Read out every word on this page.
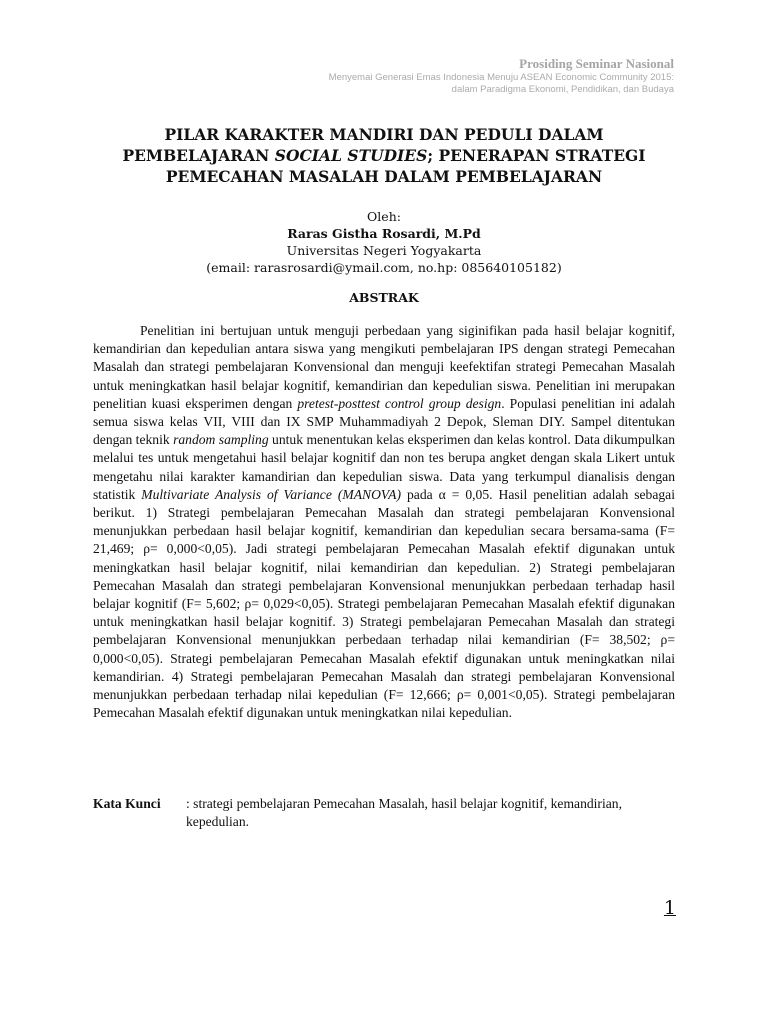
Prosiding Seminar Nasional
Menyemai Generasi Emas Indonesia Menuju ASEAN Economic Community 2015:
dalam Paradigma Ekonomi, Pendidikan, dan Budaya
PILAR KARAKTER MANDIRI DAN PEDULI DALAM
PEMBELAJARAN SOCIAL STUDIES; PENERAPAN STRATEGI
PEMECAHAN MASALAH DALAM PEMBELAJARAN
Oleh:
Raras Gistha Rosardi, M.Pd
Universitas Negeri Yogyakarta
(email: rarasrosardi@ymail.com, no.hp: 085640105182)
ABSTRAK
Penelitian ini bertujuan untuk menguji perbedaan yang siginifikan pada hasil belajar kognitif, kemandirian dan kepedulian antara siswa yang mengikuti pembelajaran IPS dengan strategi Pemecahan Masalah dan strategi pembelajaran Konvensional dan menguji keefektifan strategi Pemecahan Masalah untuk meningkatkan hasil belajar kognitif, kemandirian dan kepedulian siswa. Penelitian ini merupakan penelitian kuasi eksperimen dengan pretest-posttest control group design. Populasi penelitian ini adalah semua siswa kelas VII, VIII dan IX SMP Muhammadiyah 2 Depok, Sleman DIY. Sampel ditentukan dengan teknik random sampling untuk menentukan kelas eksperimen dan kelas kontrol. Data dikumpulkan melalui tes untuk mengetahui hasil belajar kognitif dan non tes berupa angket dengan skala Likert untuk mengetahu nilai karakter kamandirian dan kepedulian siswa. Data yang terkumpul dianalisis dengan statistik Multivariate Analysis of Variance (MANOVA) pada α = 0,05. Hasil penelitian adalah sebagai berikut. 1) Strategi pembelajaran Pemecahan Masalah dan strategi pembelajaran Konvensional menunjukkan perbedaan hasil belajar kognitif, kemandirian dan kepedulian secara bersama-sama (F= 21,469; ρ= 0,000<0,05). Jadi strategi pembelajaran Pemecahan Masalah efektif digunakan untuk meningkatkan hasil belajar kognitif, nilai kemandirian dan kepedulian. 2) Strategi pembelajaran Pemecahan Masalah dan strategi pembelajaran Konvensional menunjukkan perbedaan terhadap hasil belajar kognitif (F= 5,602; ρ= 0,029<0,05). Strategi pembelajaran Pemecahan Masalah efektif digunakan untuk meningkatkan hasil belajar kognitif. 3) Strategi pembelajaran Pemecahan Masalah dan strategi pembelajaran Konvensional menunjukkan perbedaan terhadap nilai kemandirian (F= 38,502; ρ= 0,000<0,05). Strategi pembelajaran Pemecahan Masalah efektif digunakan untuk meningkatkan nilai kemandirian. 4) Strategi pembelajaran Pemecahan Masalah dan strategi pembelajaran Konvensional menunjukkan perbedaan terhadap nilai kepedulian (F= 12,666; ρ= 0,001<0,05). Strategi pembelajaran Pemecahan Masalah efektif digunakan untuk meningkatkan nilai kepedulian.
Kata Kunci	: strategi pembelajaran Pemecahan Masalah, hasil belajar kognitif, kemandirian, kepedulian.
1
